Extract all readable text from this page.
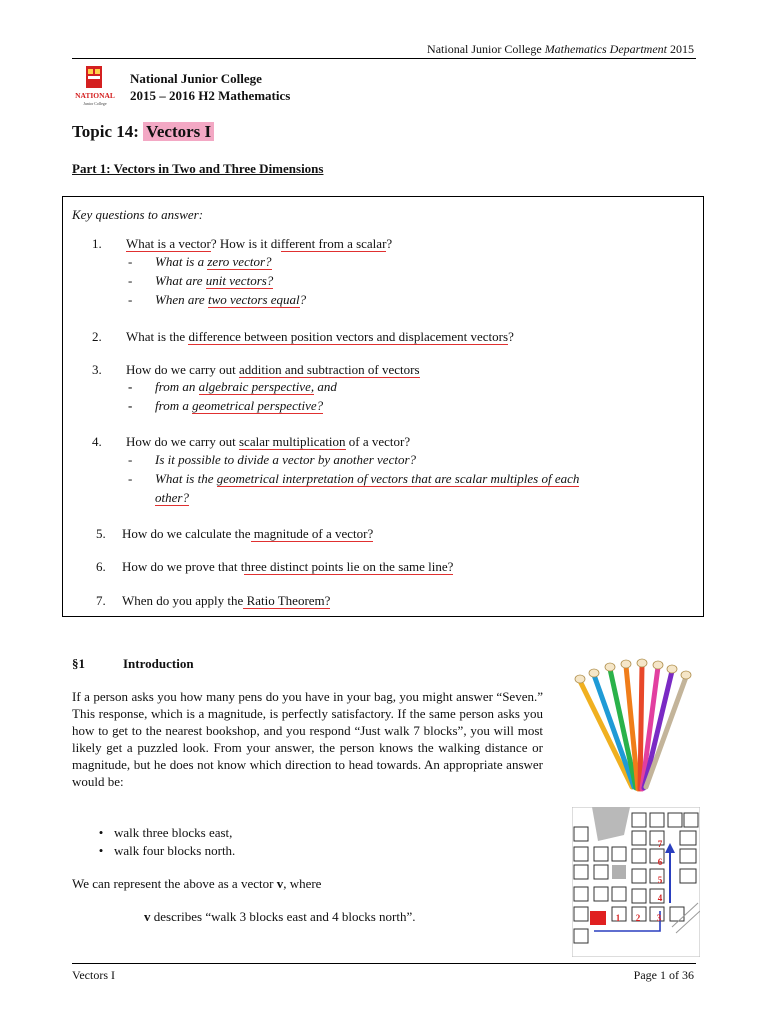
National Junior College Mathematics Department 2015
NATIONAL
Junior College
National Junior College
2015 – 2016 H2 Mathematics
Topic 14: Vectors I
Part 1: Vectors in Two and Three Dimensions
Key questions to answer:
1. What is a vector? How is it different from a scalar?
- What is a zero vector?
- What are unit vectors?
- When are two vectors equal?
2. What is the difference between position vectors and displacement vectors?
3. How do we carry out addition and subtraction of vectors
- from an algebraic perspective, and
- from a geometrical perspective?
4. How do we carry out scalar multiplication of a vector?
- Is it possible to divide a vector by another vector?
- What is the geometrical interpretation of vectors that are scalar multiples of each
other?
5. How do we calculate the magnitude of a vector?
6. How do we prove that three distinct points lie on the same line?
7. When do you apply the Ratio Theorem?
§1	Introduction
If a person asks you how many pens do you have in your bag, you might answer “Seven.” This response, which is a magnitude, is perfectly satisfactory. If the same person asks you how to get to the nearest bookshop, and you respond “Just walk 7 blocks”, you will most likely get a puzzled look. From your answer, the person knows the walking distance or magnitude, but he does not know which direction to head towards. An appropriate answer would be:
• walk three blocks east,
• walk four blocks north.
We can represent the above as a vector v, where
v describes “walk 3 blocks east and 4 blocks north”.	1 2 3
4
5
6
7
Vectors I	Page 1 of 36
